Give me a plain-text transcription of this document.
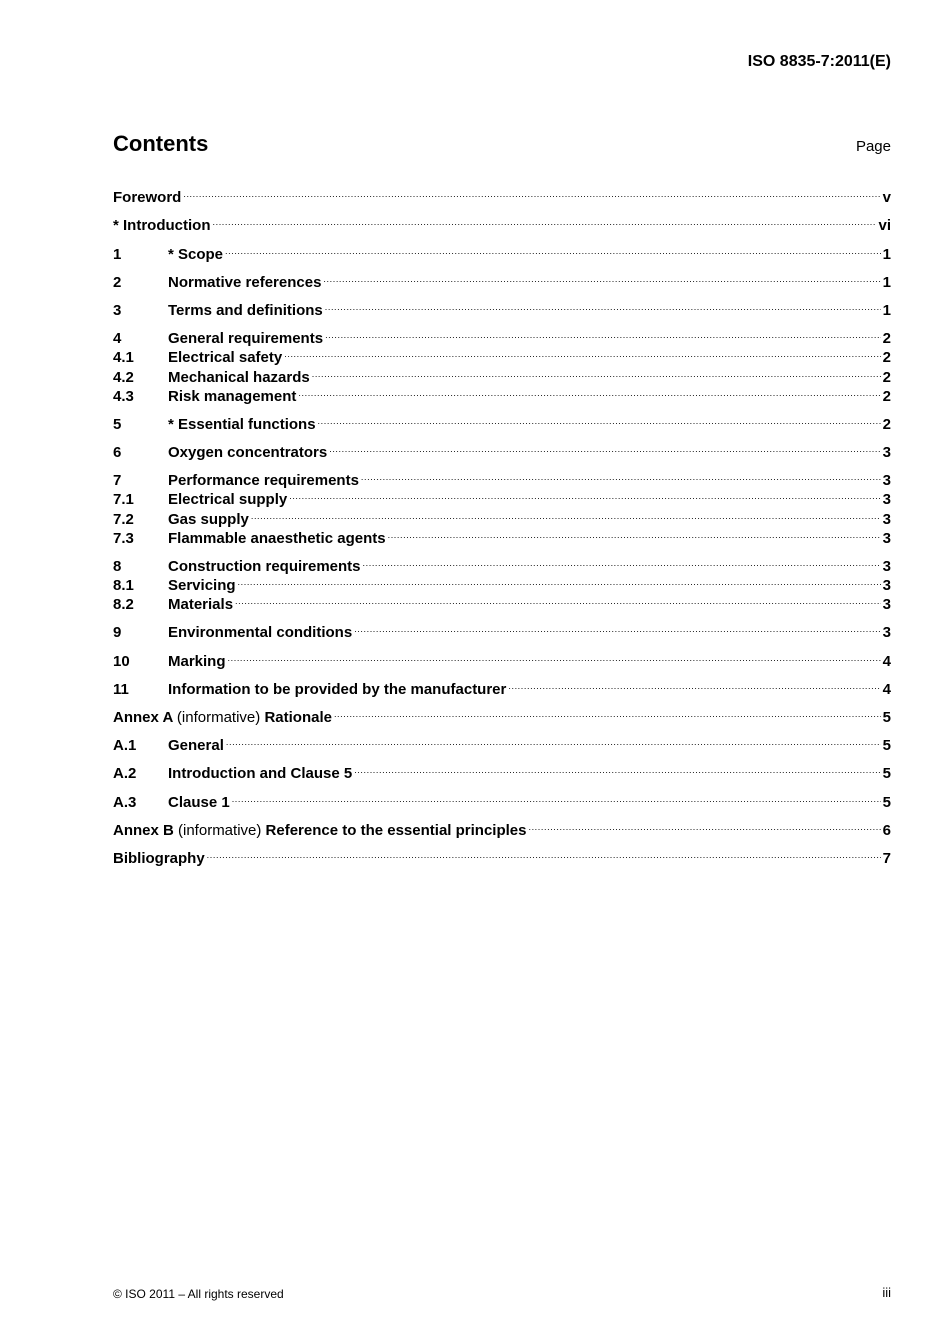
ISO 8835-7:2011(E)
Contents	Page
Foreword .....	v
* Introduction .....	vi
1	* Scope .....	1
2	Normative references .....	1
3	Terms and definitions .....	1
4	General requirements .....	2
4.1	Electrical safety .....	2
4.2	Mechanical hazards .....	2
4.3	Risk management .....	2
5	* Essential functions .....	2
6	Oxygen concentrators .....	3
7	Performance requirements .....	3
7.1	Electrical supply .....	3
7.2	Gas supply .....	3
7.3	Flammable anaesthetic agents .....	3
8	Construction requirements .....	3
8.1	Servicing .....	3
8.2	Materials .....	3
9	Environmental conditions .....	3
10	Marking .....	4
11	Information to be provided by the manufacturer .....	4
Annex A (informative) Rationale .....	5
A.1	General .....	5
A.2	Introduction and Clause 5 .....	5
A.3	Clause 1 .....	5
Annex B (informative) Reference to the essential principles .....	6
Bibliography .....	7
© ISO 2011 – All rights reserved	iii
